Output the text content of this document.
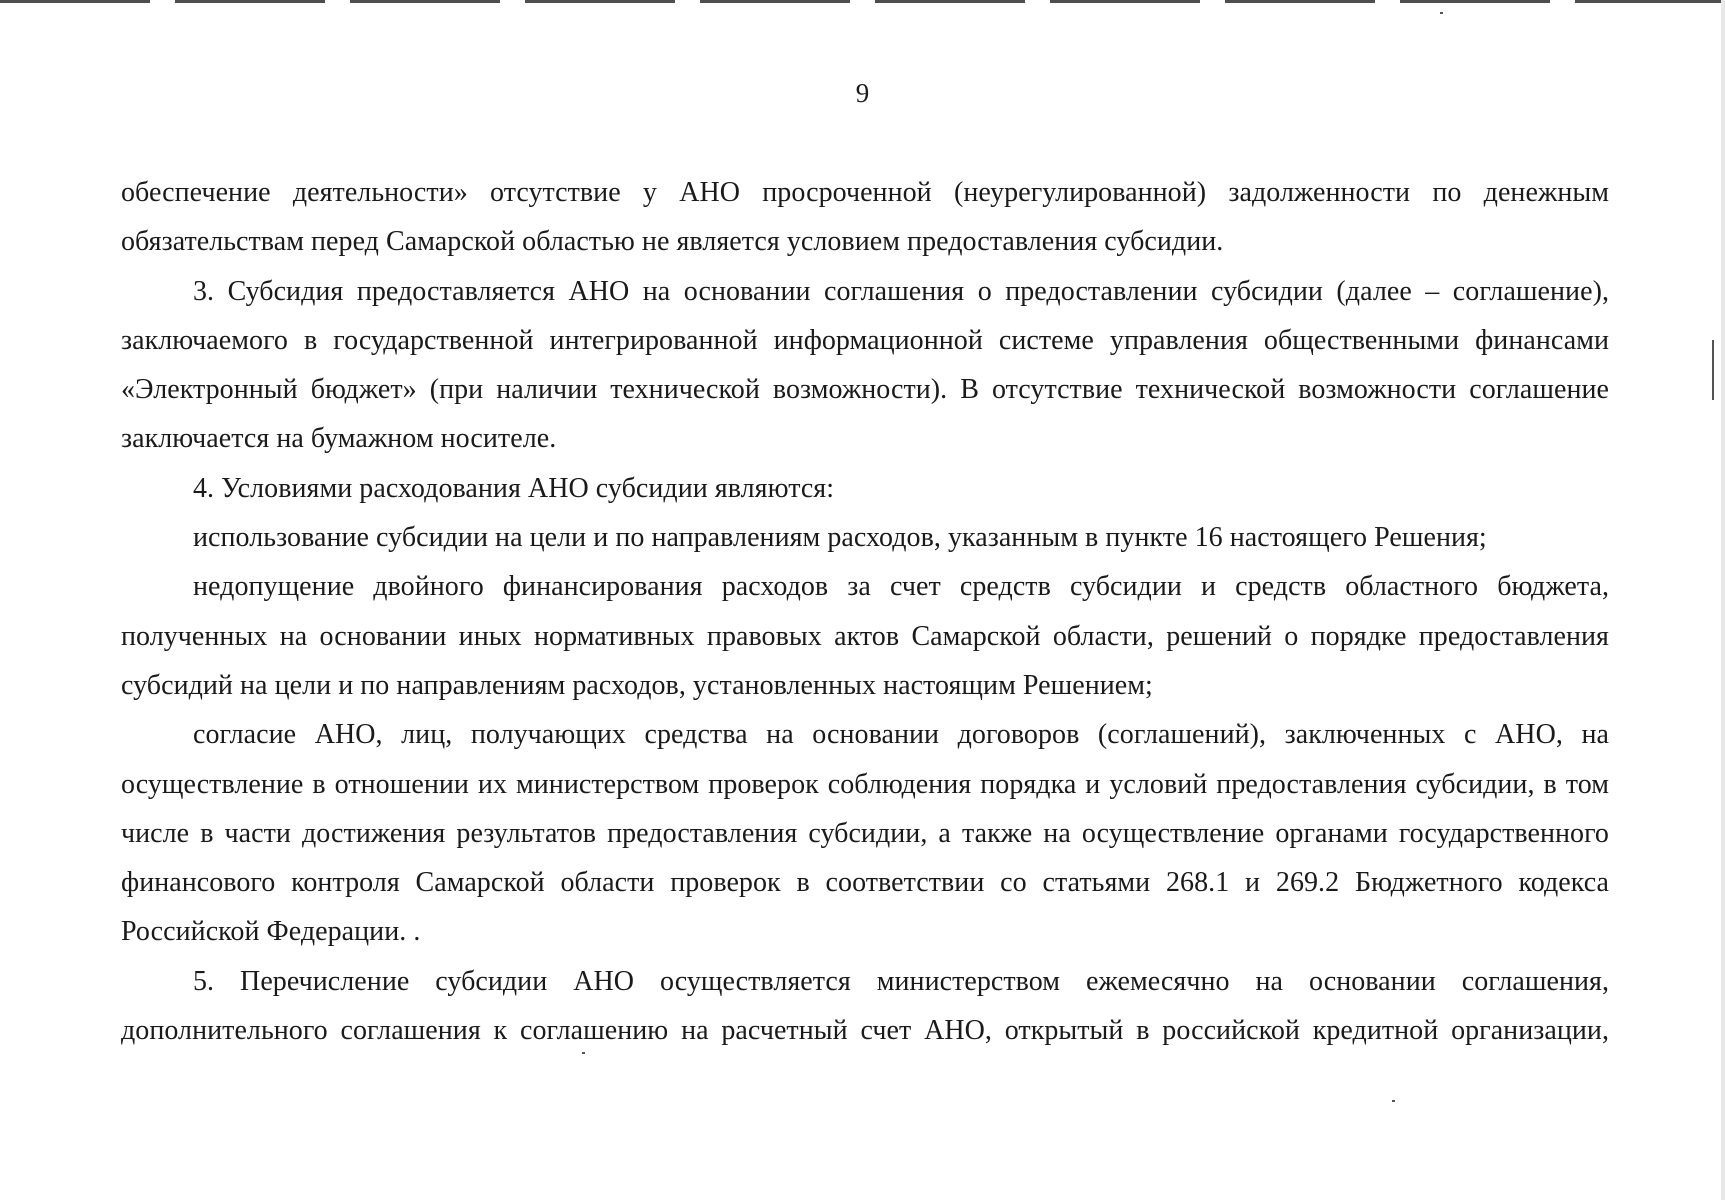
9

обеспечение деятельности» отсутствие у АНО просроченной (неурегулированной) задолженности по денежным обязательствам перед Самарской областью не является условием предоставления субсидии.

3. Субсидия предоставляется АНО на основании соглашения о предоставлении субсидии (далее – соглашение), заключаемого в государственной интегрированной информационной системе управления общественными финансами «Электронный бюджет» (при наличии технической возможности). В отсутствие технической возможности соглашение заключается на бумажном носителе.

4. Условиями расходования АНО субсидии являются:

использование субсидии на цели и по направлениям расходов, указанным в пункте 16 настоящего Решения;

недопущение двойного финансирования расходов за счет средств субсидии и средств областного бюджета, полученных на основании иных нормативных правовых актов Самарской области, решений о порядке предоставления субсидий на цели и по направлениям расходов, установленных настоящим Решением;

согласие АНО, лиц, получающих средства на основании договоров (соглашений), заключенных с АНО, на осуществление в отношении их министерством проверок соблюдения порядка и условий предоставления субсидии, в том числе в части достижения результатов предоставления субсидии, а также на осуществление органами государственного финансового контроля Самарской области проверок в соответствии со статьями 268.1 и 269.2 Бюджетного кодекса Российской Федерации. .

5. Перечисление субсидии АНО осуществляется министерством ежемесячно на основании соглашения, дополнительного соглашения к соглашению на расчетный счет АНО, открытый в российской кредитной организации,
